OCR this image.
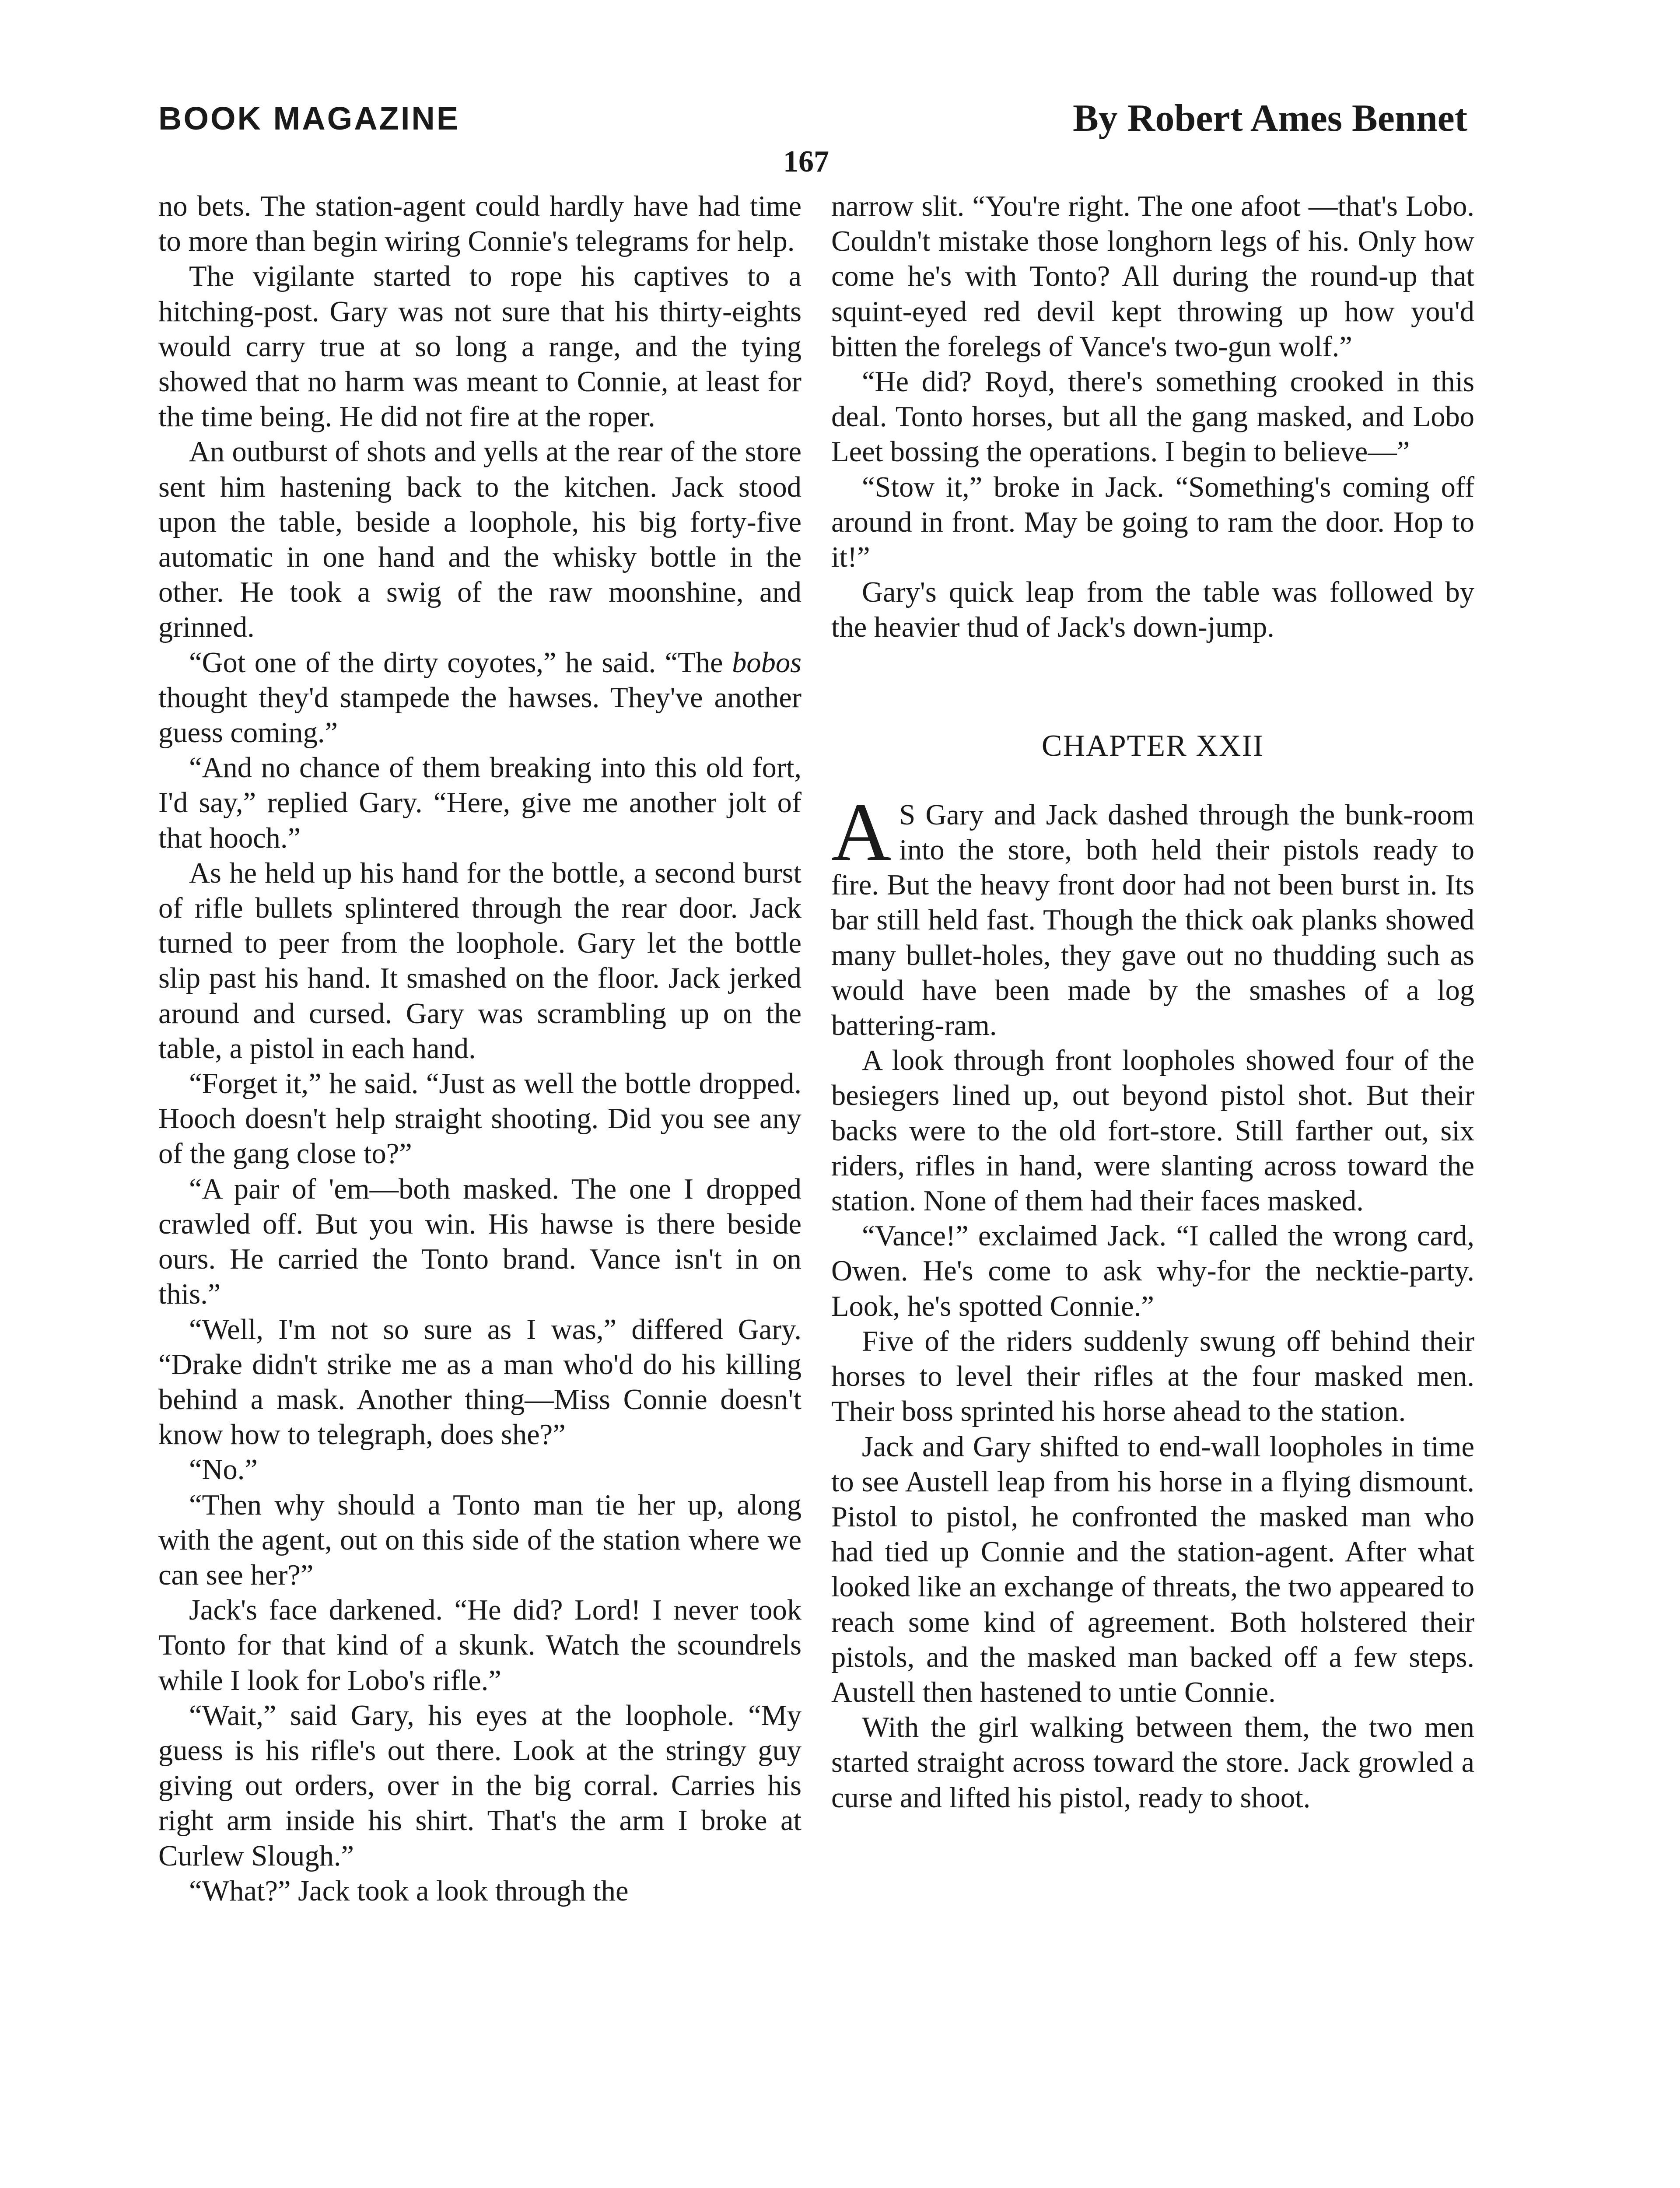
BOOK MAGAZINE	By Robert Ames Bennet
167

no bets. The station-agent could hardly have had time to more than begin wiring Connie's telegrams for help.

The vigilante started to rope his captives to a hitching-post. Gary was not sure that his thirty-eights would carry true at so long a range, and the tying showed that no harm was meant to Connie, at least for the time being. He did not fire at the roper.

An outburst of shots and yells at the rear of the store sent him hastening back to the kitchen. Jack stood upon the table, beside a loophole, his big forty-five automatic in one hand and the whisky bottle in the other. He took a swig of the raw moonshine, and grinned.

“Got one of the dirty coyotes,” he said. “The bobos thought they'd stampede the hawses. They've another guess coming.”

“And no chance of them breaking into this old fort, I'd say,” replied Gary. “Here, give me another jolt of that hooch.”

As he held up his hand for the bottle, a second burst of rifle bullets splintered through the rear door. Jack turned to peer from the loophole. Gary let the bottle slip past his hand. It smashed on the floor. Jack jerked around and cursed. Gary was scrambling up on the table, a pistol in each hand.

“Forget it,” he said. “Just as well the bottle dropped. Hooch doesn't help straight shooting. Did you see any of the gang close to?”

“A pair of 'em—both masked. The one I dropped crawled off. But you win. His hawse is there beside ours. He carried the Tonto brand. Vance isn't in on this.”

“Well, I'm not so sure as I was,” differed Gary. “Drake didn't strike me as a man who'd do his killing behind a mask. Another thing—Miss Connie doesn't know how to telegraph, does she?”

“No.”

“Then why should a Tonto man tie her up, along with the agent, out on this side of the station where we can see her?”

Jack's face darkened. “He did? Lord! I never took Tonto for that kind of a skunk. Watch the scoundrels while I look for Lobo's rifle.”

“Wait,” said Gary, his eyes at the loophole. “My guess is his rifle's out there. Look at the stringy guy giving out orders, over in the big corral. Carries his right arm inside his shirt. That's the arm I broke at Curlew Slough.”

“What?” Jack took a look through the

narrow slit. “You're right. The one afoot —that's Lobo. Couldn't mistake those longhorn legs of his. Only how come he's with Tonto? All during the round-up that squint-eyed red devil kept throwing up how you'd bitten the forelegs of Vance's two-gun wolf.”

“He did? Royd, there's something crooked in this deal. Tonto horses, but all the gang masked, and Lobo Leet bossing the operations. I begin to believe—”

“Stow it,” broke in Jack. “Something's coming off around in front. May be going to ram the door. Hop to it!”

Gary's quick leap from the table was followed by the heavier thud of Jack's down-jump.

CHAPTER XXII

A S Gary and Jack dashed through the bunk-room into the store, both held their pistols ready to fire. But the heavy front door had not been burst in. Its bar still held fast. Though the thick oak planks showed many bullet-holes, they gave out no thudding such as would have been made by the smashes of a log battering-ram.

A look through front loopholes showed four of the besiegers lined up, out beyond pistol shot. But their backs were to the old fort-store. Still farther out, six riders, rifles in hand, were slanting across toward the station. None of them had their faces masked.

“Vance!” exclaimed Jack. “I called the wrong card, Owen. He's come to ask why-for the necktie-party. Look, he's spotted Connie.”

Five of the riders suddenly swung off behind their horses to level their rifles at the four masked men. Their boss sprinted his horse ahead to the station.

Jack and Gary shifted to end-wall loopholes in time to see Austell leap from his horse in a flying dismount. Pistol to pistol, he confronted the masked man who had tied up Connie and the station-agent. After what looked like an exchange of threats, the two appeared to reach some kind of agreement. Both holstered their pistols, and the masked man backed off a few steps. Austell then hastened to untie Connie.

With the girl walking between them, the two men started straight across toward the store. Jack growled a curse and lifted his pistol, ready to shoot.
